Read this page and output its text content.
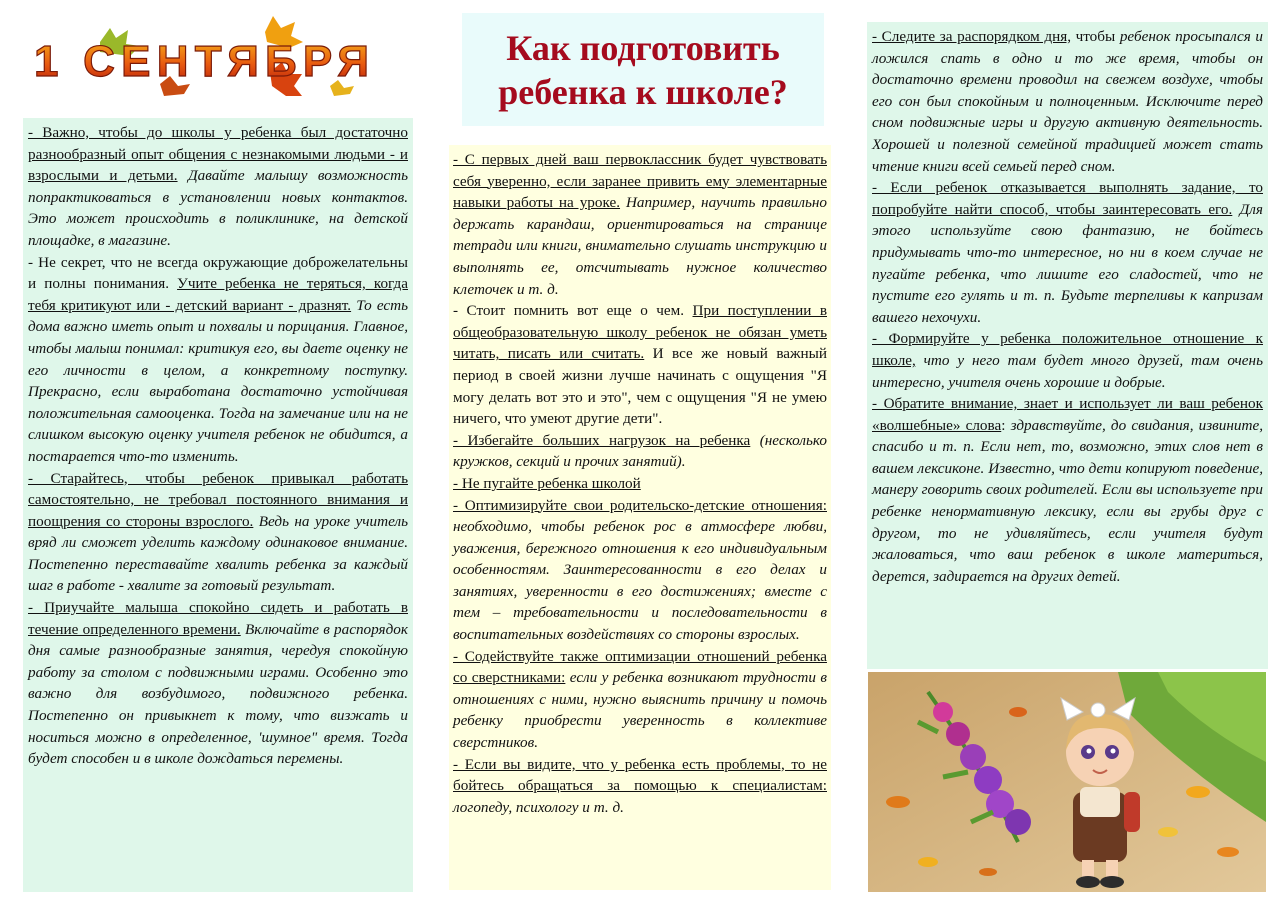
1 СЕНТЯБРЯ	Как подготовить ребенка к школе?

- Важно, чтобы до школы у ребенка был достаточно разнообразный опыт общения с незнакомыми людьми - и взрослыми и детьми. Давайте малышу возможность попрактиковаться в установлении новых контактов. Это может происходить в поликлинике, на детской площадке, в магазине.

- Не секрет, что не всегда окружающие доброжелательны и полны понимания. Учите ребенка не теряться, когда тебя критикуют или - детский вариант - дразнят. То есть дома важно иметь опыт и похвалы и порицания. Главное, чтобы малыш понимал: критикуя его, вы даете оценку не его личности в целом, а конкретному поступку. Прекрасно, если выработана достаточно устойчивая положительная самооценка. Тогда на замечание или на не слишком высокую оценку учителя ребенок не обидится, а постарается что-то изменить.

- Старайтесь, чтобы ребенок привыкал работать самостоятельно, не требовал постоянного внимания и поощрения со стороны взрослого. Ведь на уроке учитель вряд ли сможет уделить каждому одинаковое внимание. Постепенно переставайте хвалить ребенка за каждый шаг в работе - хвалите за готовый результат.

- Приучайте малыша спокойно сидеть и работать в течение определенного времени. Включайте в распорядок дня самые разнообразные занятия, чередуя спокойную работу за столом с подвижными играми. Особенно это важно для возбудимого, подвижного ребенка. Постепенно он привыкнет к тому, что визжать и носиться можно в определенное, 'шумное" время. Тогда будет способен и в школе дождаться перемены.

- С первых дней ваш первоклассник будет чувствовать себя уверенно, если заранее привить ему элементарные навыки работы на уроке. Например, научить правильно держать карандаш, ориентироваться на странице тетради или книги, внимательно слушать инструкцию и выполнять ее, отсчитывать нужное количество клеточек и т. д.

- Стоит помнить вот еще о чем. При поступлении в общеобразовательную школу ребенок не обязан уметь читать, писать или считать. И все же новый важный период в своей жизни лучше начинать с ощущения "Я могу делать вот это и это", чем с ощущения "Я не умею ничего, что умеют другие дети".

- Избегайте больших нагрузок на ребенка (несколько кружков, секций и прочих занятий).

- Не пугайте ребенка школой

- Оптимизируйте свои родительско-детские отношения: необходимо, чтобы ребенок рос в атмосфере любви, уважения, бережного отношения к его индивидуальным особенностям. Заинтересованности в его делах и занятиях, уверенности в его достижениях; вместе с тем – требовательности и последовательности в воспитательных воздействиях со стороны взрослых.

- Содействуйте также оптимизации отношений ребенка со сверстниками: если у ребенка возникают трудности в отношениях с ними, нужно выяснить причину и помочь ребенку приобрести уверенность в коллективе сверстников.

- Если вы видите, что у ребенка есть проблемы, то не бойтесь обращаться за помощью к специалистам: логопеду, психологу и т. д.

- Следите за распорядком дня, чтобы ребенок просыпался и ложился спать в одно и то же время, чтобы он достаточно времени проводил на свежем воздухе, чтобы его сон был спокойным и полноценным. Исключите перед сном подвижные игры и другую активную деятельность. Хорошей и полезной семейной традицией может стать чтение книги всей семьей перед сном.

- Если ребенок отказывается выполнять задание, то попробуйте найти способ, чтобы заинтересовать его. Для этого используйте свою фантазию, не бойтесь придумывать что-то интересное, но ни в коем случае не пугайте ребенка, что лишите его сладостей, что не пустите его гулять и т. п. Будьте терпеливы к капризам вашего нехочухи.

- Формируйте у ребенка положительное отношение к школе, что у него там будет много друзей, там очень интересно, учителя очень хорошие и добрые.

- Обратите внимание, знает и использует ли ваш ребенок «волшебные» слова: здравствуйте, до свидания, извините, спасибо и т. п. Если нет, то, возможно, этих слов нет в вашем лексиконе. Известно, что дети копируют поведение, манеру говорить своих родителей. Если вы используете при ребенке ненормативную лексику, если вы грубы друг с другом, то не удивляйтесь, если учителя будут жаловаться, что ваш ребенок в школе материться, дерется, задирается на других детей.
